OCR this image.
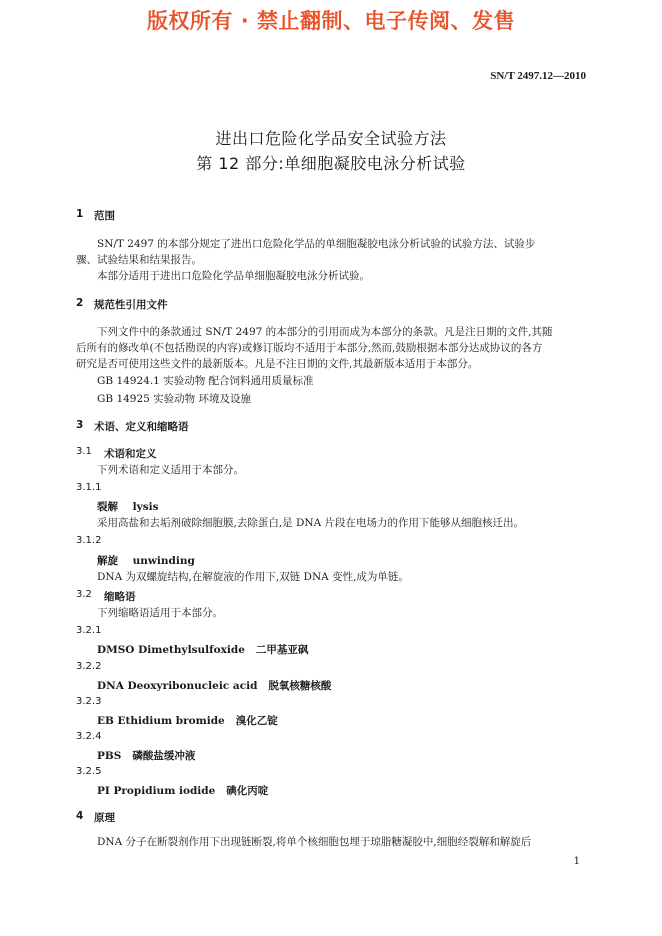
版权所有 · 禁止翻制、电子传阅、发售
SN/T 2497.12—2010
进出口危险化学品安全试验方法
第 12 部分:单细胞凝胶电泳分析试验
1 范围
SN/T 2497 的本部分规定了进出口危险化学品的单细胞凝胶电泳分析试验的试验方法、试验步
骤、试验结果和结果报告。
本部分适用于进出口危险化学品单细胞凝胶电泳分析试验。
2 规范性引用文件
下列文件中的条款通过 SN/T 2497 的本部分的引用而成为本部分的条款。凡是注日期的文件,其随
后所有的修改单(不包括勘误的内容)或修订版均不适用于本部分,然而,鼓励根据本部分达成协议的各方
研究是否可使用这些文件的最新版本。凡是不注日期的文件,其最新版本适用于本部分。
GB 14924.1 实验动物 配合饲料通用质量标准
GB 14925 实验动物 环境及设施
3 术语、定义和缩略语
3.1 术语和定义
下列术语和定义适用于本部分。
3.1.1
裂解 lysis
采用高盐和去垢剂破除细胞膜,去除蛋白,是 DNA 片段在电场力的作用下能够从细胞核迁出。
3.1.2
解旋 unwinding
DNA 为双螺旋结构,在解旋液的作用下,双链 DNA 变性,成为单链。
3.2 缩略语
下列缩略语适用于本部分。
3.2.1
DMSO Dimethylsulfoxide 二甲基亚砜
3.2.2
DNA Deoxyribonucleic acid 脱氧核糖核酸
3.2.3
EB Ethidium bromide 溴化乙锭
3.2.4
PBS 磷酸盐缓冲液
3.2.5
PI Propidium iodide 碘化丙啶
4 原理
DNA 分子在断裂剂作用下出现链断裂,将单个核细胞包埋于琼脂糖凝胶中,细胞经裂解和解旋后
1
